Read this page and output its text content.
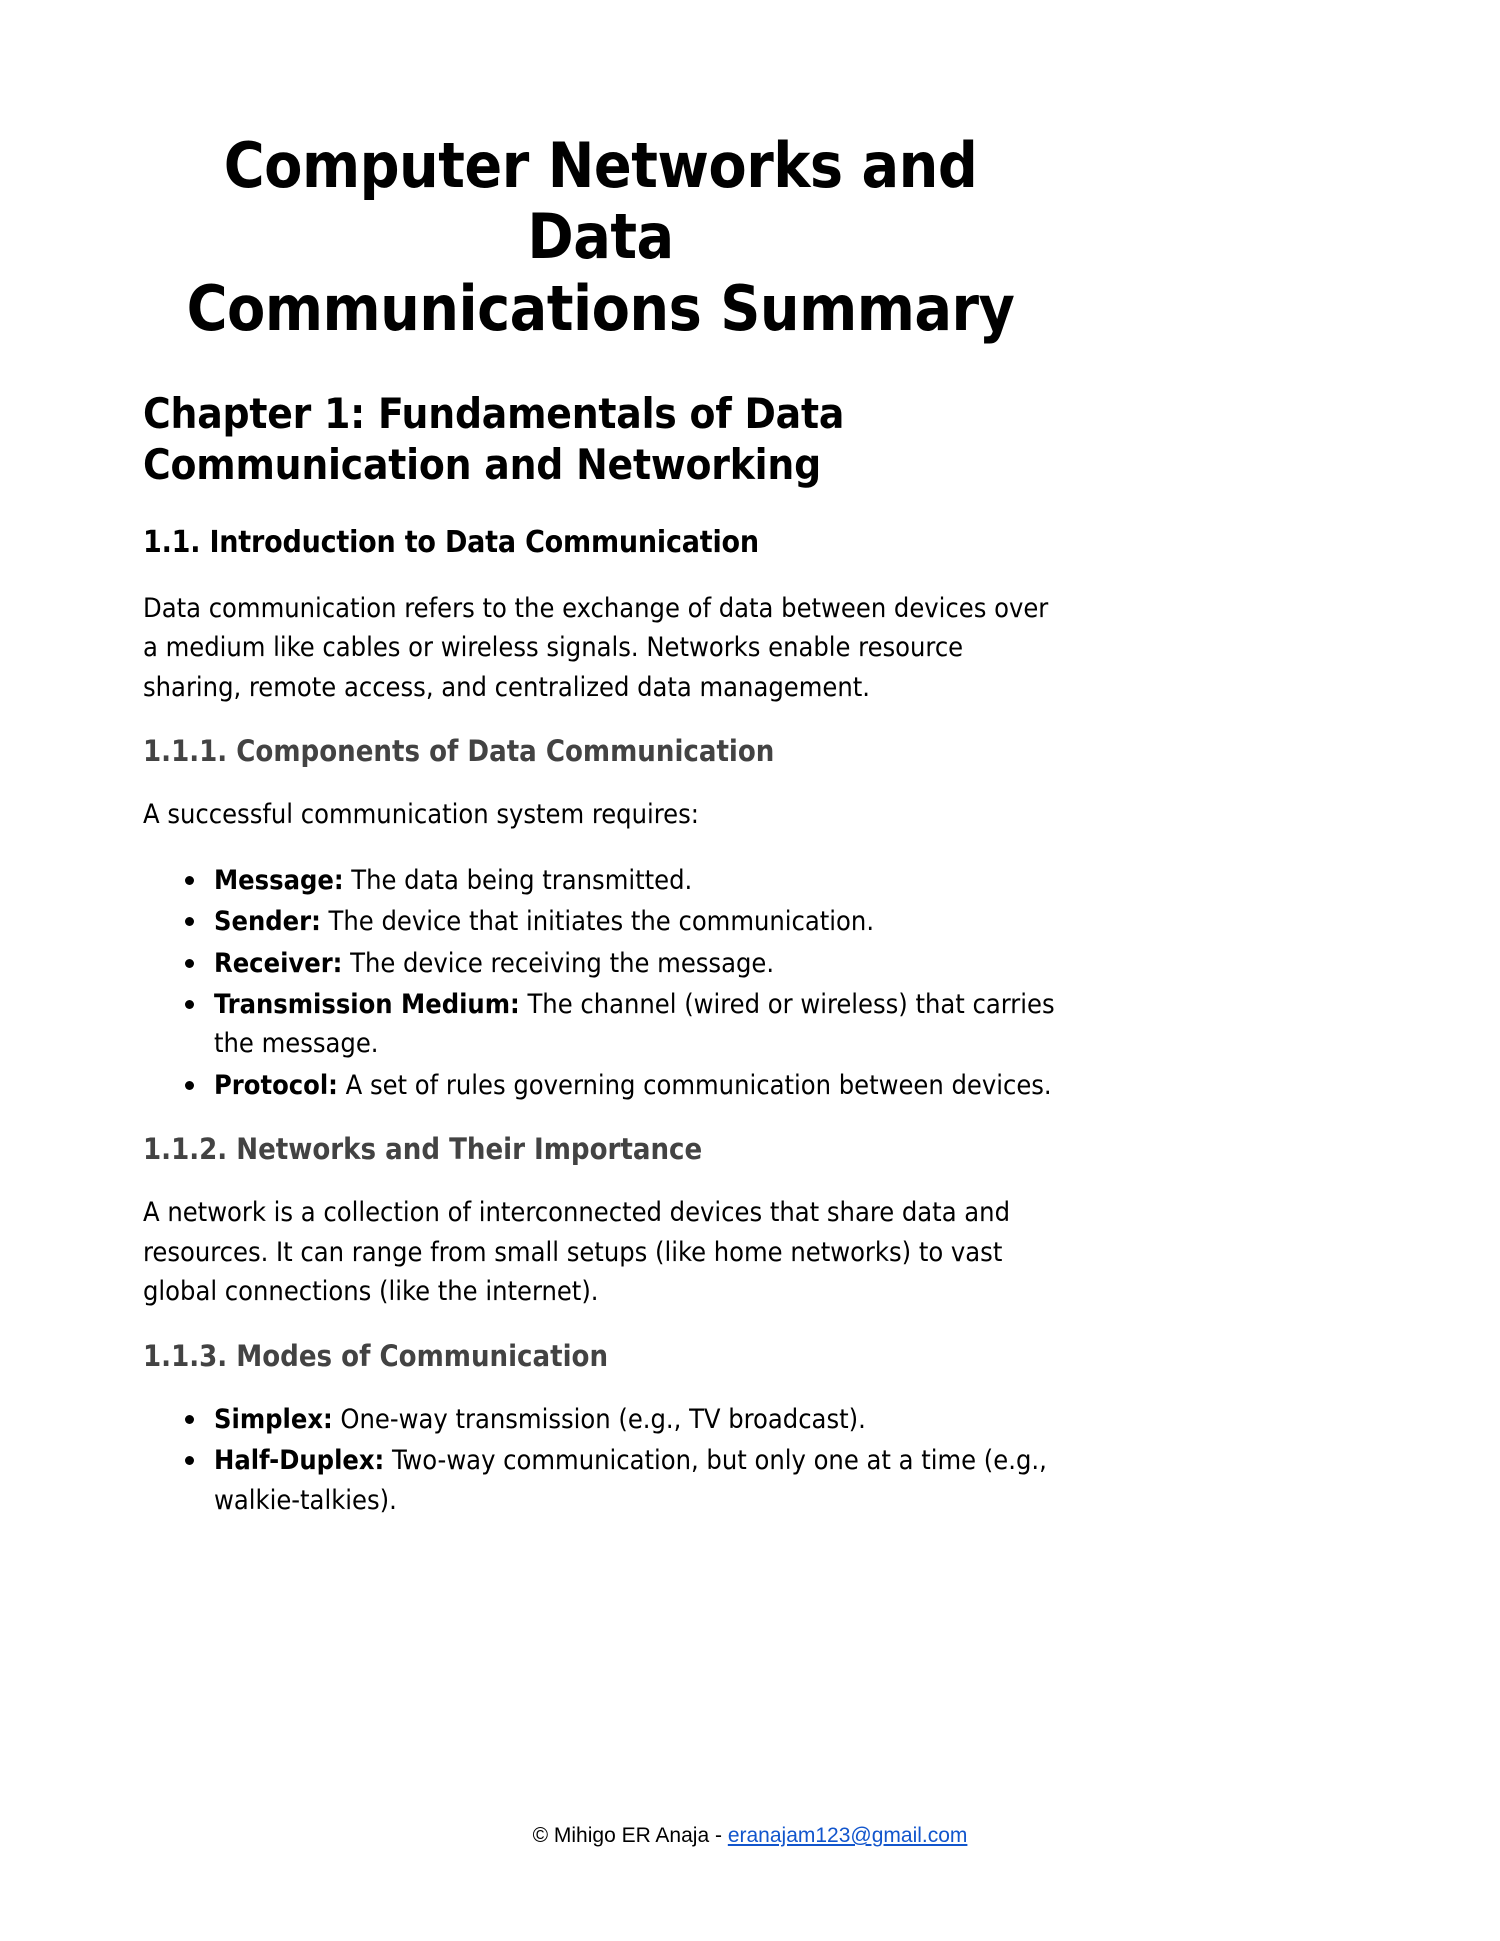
Computer Networks and Data
Communications Summary
Chapter 1: Fundamentals of Data Communication and Networking
1.1. Introduction to Data Communication

Data communication refers to the exchange of data between devices over a medium like cables or wireless signals. Networks enable resource sharing, remote access, and centralized data management.

1.1.1. Components of Data Communication

A successful communication system requires:

Message: The data being transmitted.
Sender: The device that initiates the communication.
Receiver: The device receiving the message.
Transmission Medium: The channel (wired or wireless) that carries the message.
Protocol: A set of rules governing communication between devices.
1.1.2. Networks and Their Importance

A network is a collection of interconnected devices that share data and resources. It can range from small setups (like home networks) to vast global connections (like the internet).

1.1.3. Modes of Communication
Simplex: One-way transmission (e.g., TV broadcast).
Half-Duplex: Two-way communication, but only one at a time (e.g., walkie-talkies).
© Mihigo ER Anaja - eranajam123@gmail.com
